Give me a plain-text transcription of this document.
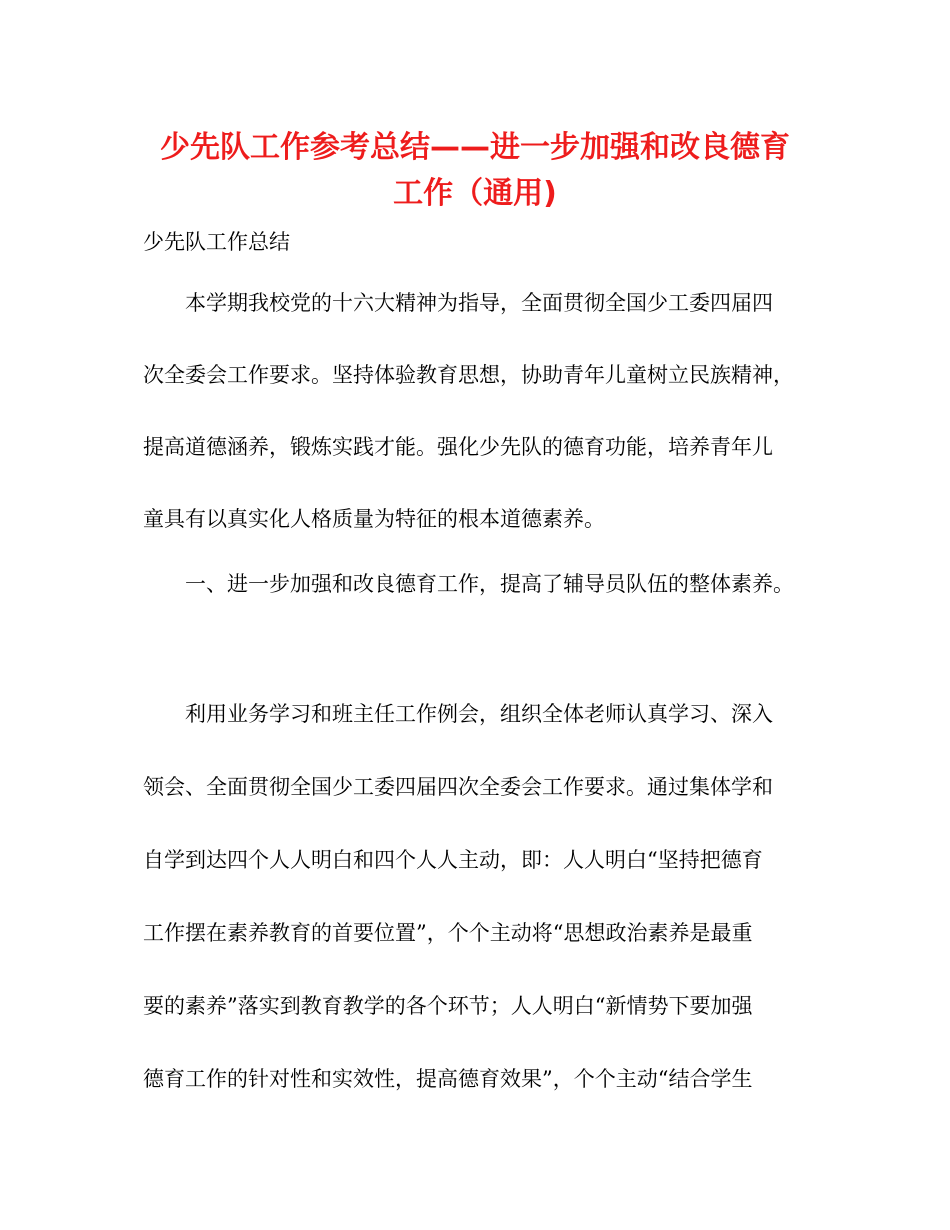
少先队工作参考总结——进一步加强和改良德育
工作（通用)
少先队工作总结
本学期我校党的十六大精神为指导，全面贯彻全国少工委四届四
次全委会工作要求。坚持体验教育思想，协助青年儿童树立民族精神，
提高道德涵养，锻炼实践才能。强化少先队的德育功能，培养青年儿
童具有以真实化人格质量为特征的根本道德素养。
一、进一步加强和改良德育工作，提高了辅导员队伍的整体素养。
利用业务学习和班主任工作例会，组织全体老师认真学习、深入
领会、全面贯彻全国少工委四届四次全委会工作要求。通过集体学和
自学到达四个人人明白和四个人人主动，即：人人明白“坚持把德育
工作摆在素养教育的首要位置”，个个主动将“思想政治素养是最重
要的素养”落实到教育教学的各个环节；人人明白“新情势下要加强
德育工作的针对性和实效性，提高德育效果”，个个主动“结合学生
